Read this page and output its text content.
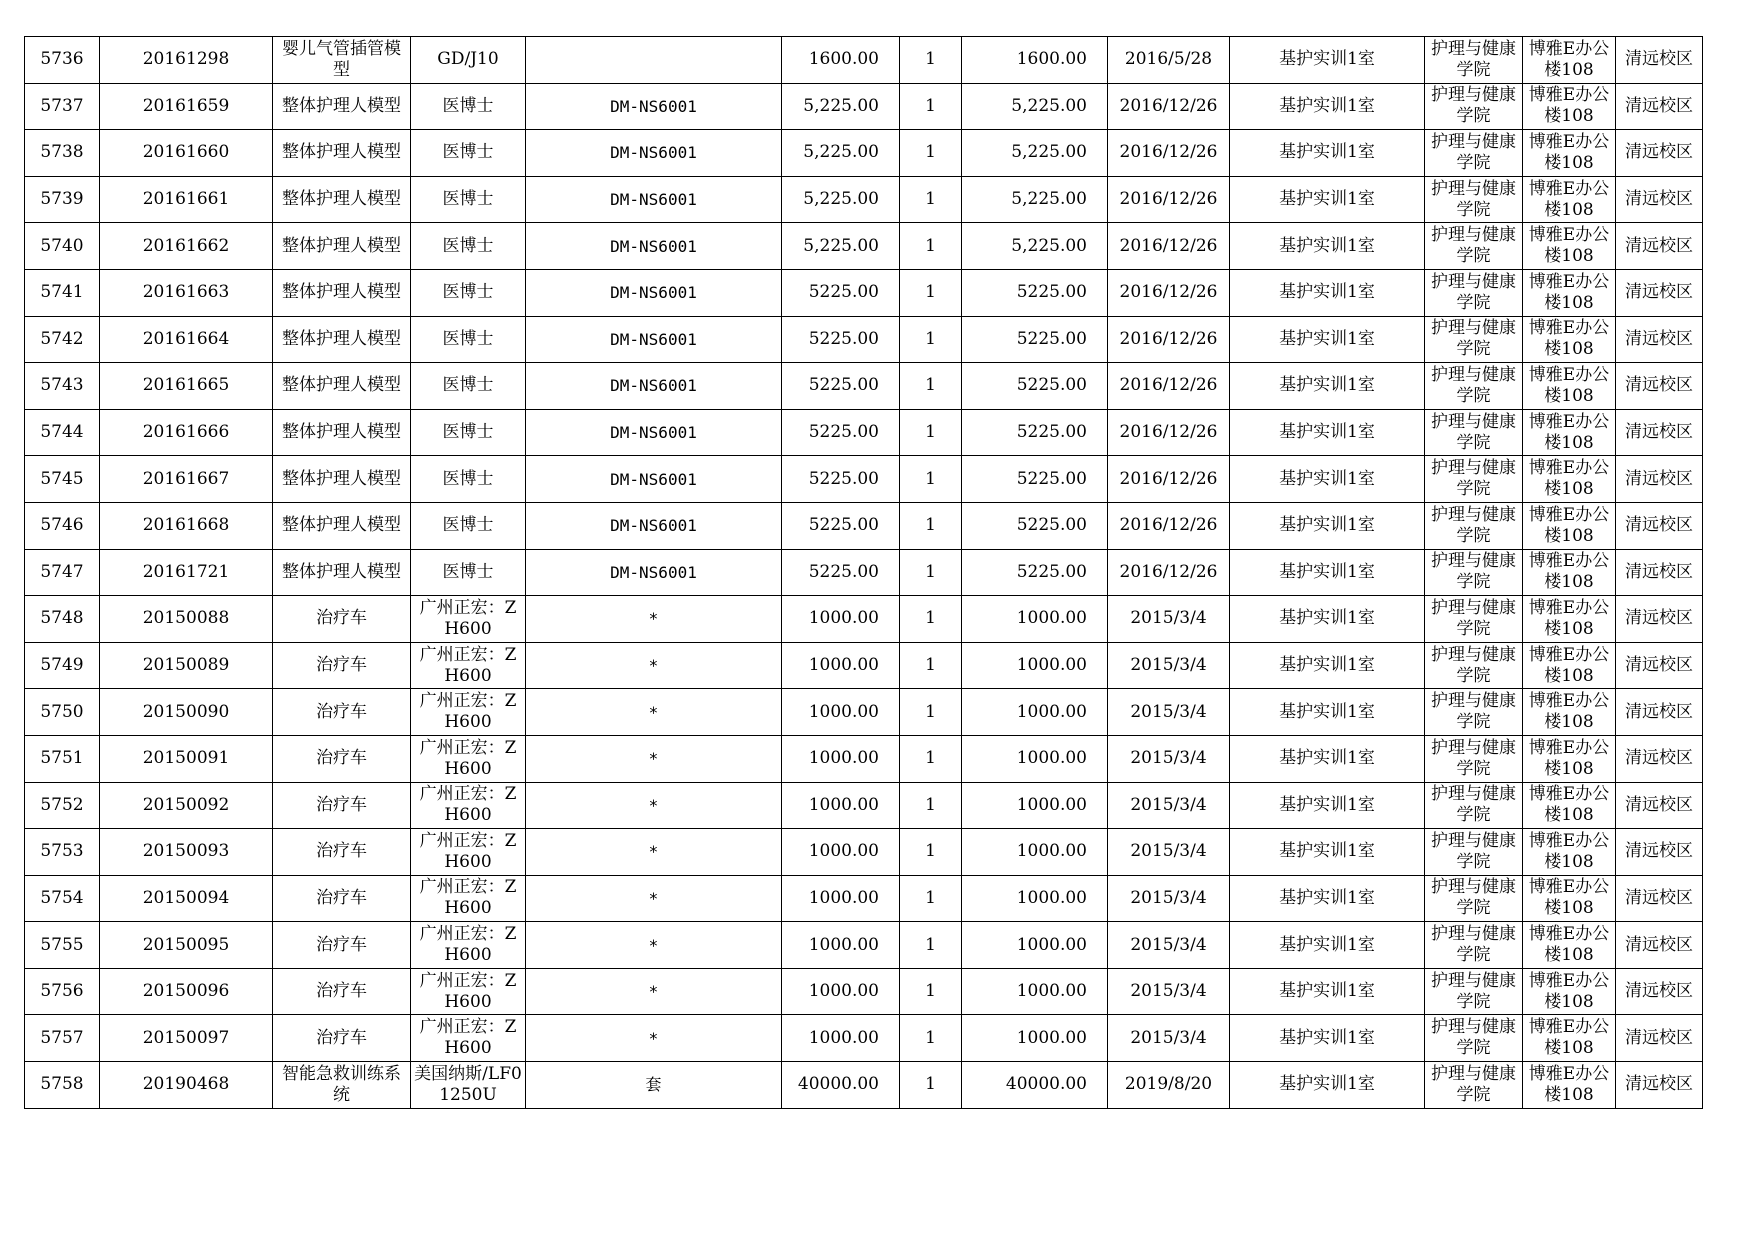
5736	20161298	婴儿气管插管模型	GD/J10		1600.00	1	1600.00	2016/5/28	基护实训1室	护理与健康学院	博雅E办公楼108	清远校区
5737	20161659	整体护理人模型	医博士	DM-NS6001	5,225.00	1	5,225.00	2016/12/26	基护实训1室	护理与健康学院	博雅E办公楼108	清远校区
5738	20161660	整体护理人模型	医博士	DM-NS6001	5,225.00	1	5,225.00	2016/12/26	基护实训1室	护理与健康学院	博雅E办公楼108	清远校区
5739	20161661	整体护理人模型	医博士	DM-NS6001	5,225.00	1	5,225.00	2016/12/26	基护实训1室	护理与健康学院	博雅E办公楼108	清远校区
5740	20161662	整体护理人模型	医博士	DM-NS6001	5,225.00	1	5,225.00	2016/12/26	基护实训1室	护理与健康学院	博雅E办公楼108	清远校区
5741	20161663	整体护理人模型	医博士	DM-NS6001	5225.00	1	5225.00	2016/12/26	基护实训1室	护理与健康学院	博雅E办公楼108	清远校区
5742	20161664	整体护理人模型	医博士	DM-NS6001	5225.00	1	5225.00	2016/12/26	基护实训1室	护理与健康学院	博雅E办公楼108	清远校区
5743	20161665	整体护理人模型	医博士	DM-NS6001	5225.00	1	5225.00	2016/12/26	基护实训1室	护理与健康学院	博雅E办公楼108	清远校区
5744	20161666	整体护理人模型	医博士	DM-NS6001	5225.00	1	5225.00	2016/12/26	基护实训1室	护理与健康学院	博雅E办公楼108	清远校区
5745	20161667	整体护理人模型	医博士	DM-NS6001	5225.00	1	5225.00	2016/12/26	基护实训1室	护理与健康学院	博雅E办公楼108	清远校区
5746	20161668	整体护理人模型	医博士	DM-NS6001	5225.00	1	5225.00	2016/12/26	基护实训1室	护理与健康学院	博雅E办公楼108	清远校区
5747	20161721	整体护理人模型	医博士	DM-NS6001	5225.00	1	5225.00	2016/12/26	基护实训1室	护理与健康学院	博雅E办公楼108	清远校区
5748	20150088	治疗车	广州正宏：ZH600	*	1000.00	1	1000.00	2015/3/4	基护实训1室	护理与健康学院	博雅E办公楼108	清远校区
5749	20150089	治疗车	广州正宏：ZH600	*	1000.00	1	1000.00	2015/3/4	基护实训1室	护理与健康学院	博雅E办公楼108	清远校区
5750	20150090	治疗车	广州正宏：ZH600	*	1000.00	1	1000.00	2015/3/4	基护实训1室	护理与健康学院	博雅E办公楼108	清远校区
5751	20150091	治疗车	广州正宏：ZH600	*	1000.00	1	1000.00	2015/3/4	基护实训1室	护理与健康学院	博雅E办公楼108	清远校区
5752	20150092	治疗车	广州正宏：ZH600	*	1000.00	1	1000.00	2015/3/4	基护实训1室	护理与健康学院	博雅E办公楼108	清远校区
5753	20150093	治疗车	广州正宏：ZH600	*	1000.00	1	1000.00	2015/3/4	基护实训1室	护理与健康学院	博雅E办公楼108	清远校区
5754	20150094	治疗车	广州正宏：ZH600	*	1000.00	1	1000.00	2015/3/4	基护实训1室	护理与健康学院	博雅E办公楼108	清远校区
5755	20150095	治疗车	广州正宏：ZH600	*	1000.00	1	1000.00	2015/3/4	基护实训1室	护理与健康学院	博雅E办公楼108	清远校区
5756	20150096	治疗车	广州正宏：ZH600	*	1000.00	1	1000.00	2015/3/4	基护实训1室	护理与健康学院	博雅E办公楼108	清远校区
5757	20150097	治疗车	广州正宏：ZH600	*	1000.00	1	1000.00	2015/3/4	基护实训1室	护理与健康学院	博雅E办公楼108	清远校区
5758	20190468	智能急救训练系统	美国纳斯/LF01250U	套	40000.00	1	40000.00	2019/8/20	基护实训1室	护理与健康学院	博雅E办公楼108	清远校区
